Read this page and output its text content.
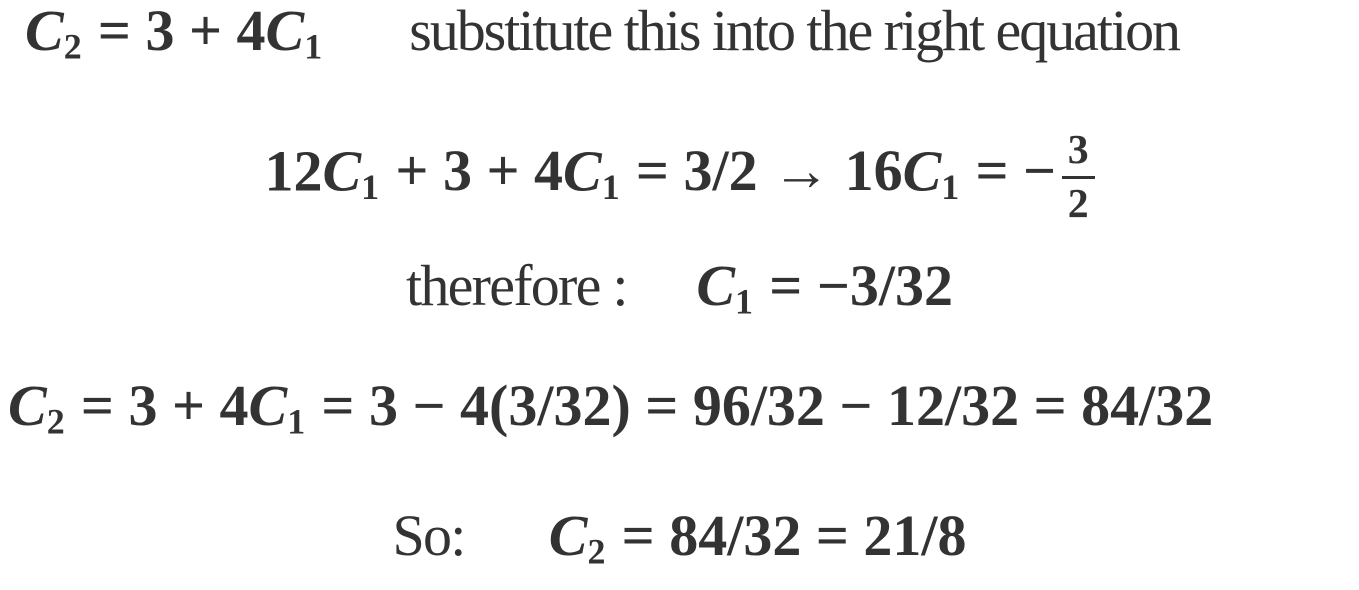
C2 = 3 + 4C1 substitute this into the right equation
12C1 + 3 + 4C1 = 3/2 → 16C1 = − $\frac{3}{2}$
therefore : C1 = −3/32
C2 = 3 + 4C1 = 3 − 4(3/32) = 96/32 − 12/32 = 84/32
So: C2 = 84/32 = 21/8
